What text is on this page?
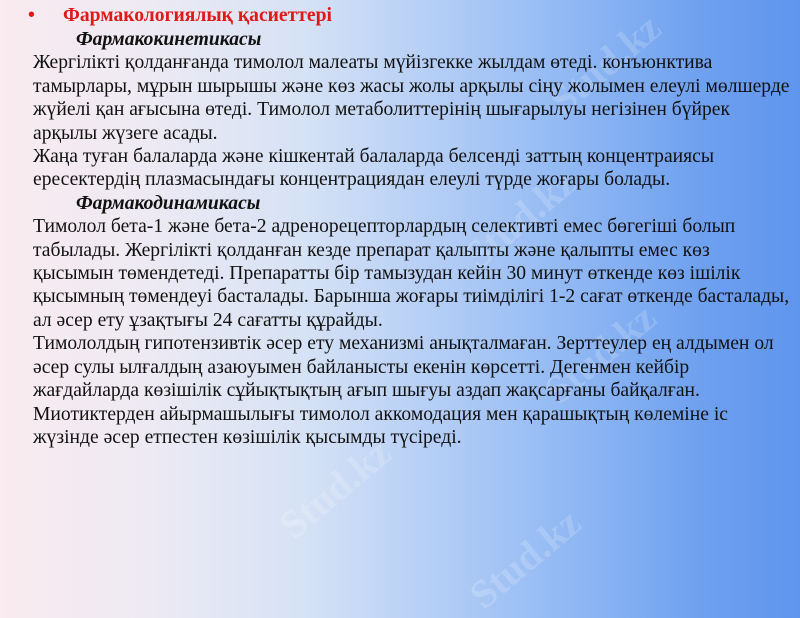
Stud.kz
Stud.kz
Stud.kz
Stud.kz
Stud.kz
• Фармакологиялық қасиеттері
Фармакокинетикасы

Жергілікті қолданғанда тимолол малеаты мүйізгекке жылдам өтеді. конъюнктива тамырлары, мұрын шырышы және көз жасы жолы арқылы сіңу жолымен елеулі мөлшерде жүйелі қан ағысына өтеді. Тимолол метаболиттерінің шығарылуы негізінен бүйрек арқылы жүзеге асады.

Жаңа туған балаларда және кішкентай балаларда белсенді заттың концентраиясы ересектердің плазмасындағы концентрациядан елеулі түрде жоғары болады.

Фармакодинамикасы

Тимолол бета-1 және бета-2 адренорецепторлардың селективті емес бөгегіші болып табылады. Жергілікті қолданған кезде препарат қалыпты және қалыпты емес көз қысымын төмендетеді. Препаратты бір тамызудан кейін 30 минут өткенде көз ішілік қысымның төмендеуі басталады. Барынша жоғары тиімділігі 1-2 сағат өткенде басталады, ал әсер ету ұзақтығы 24 сағатты құрайды.

Тимололдың гипотензивтік әсер ету механизмі анықталмаған. Зерттеулер ең алдымен ол әсер сулы ылғалдың азаюуымен байланысты екенін көрсетті. Дегенмен кейбір жағдайларда көзішілік сұйықтықтың ағып шығуы аздап жақсарғаны байқалған. Миотиктерден айырмашылығы тимолол аккомодация мен қарашықтың көлеміне іс жүзінде әсер етпестен көзішілік қысымды түсіреді.
